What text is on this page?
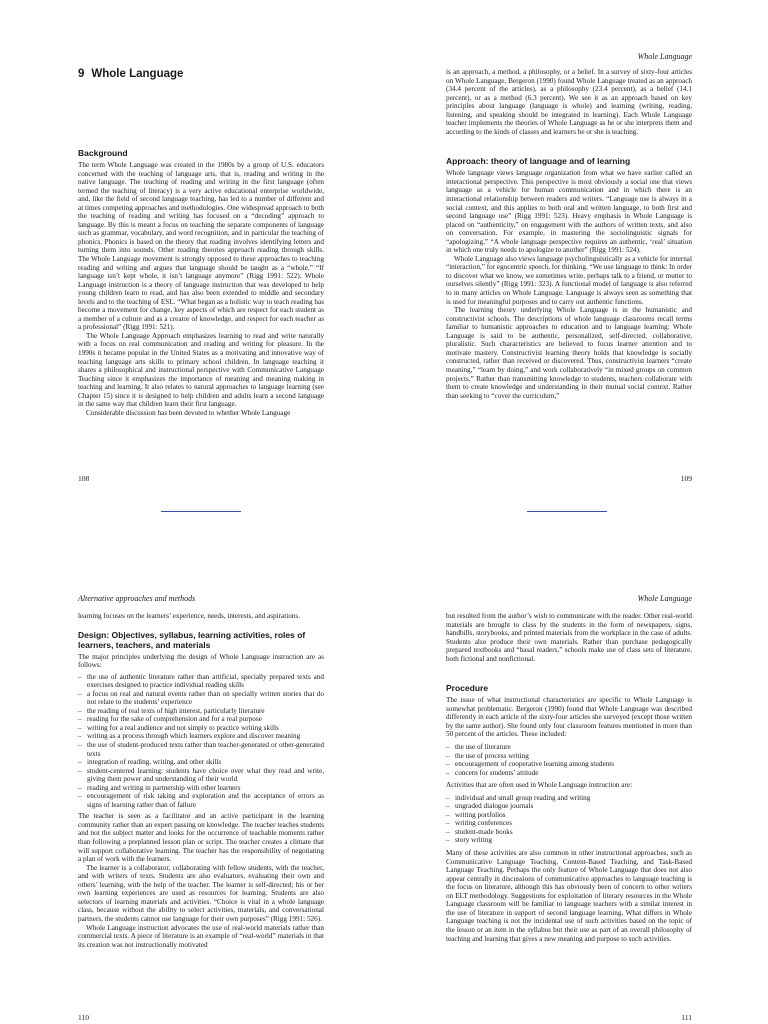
9 Whole Language
Background

The term Whole Language was created in the 1980s by a group of U.S. educators concerned with the teaching of language arts, that is, reading and writing in the native language. The teaching of reading and writing in the first language (often termed the teaching of literacy) is a very active educational enterprise worldwide, and, like the field of second language teaching, has led to a number of different and at times competing approaches and methodologies. One widespread approach to both the teaching of reading and writing has focused on a “decoding” approach to language. By this is meant a focus on teaching the separate components of language such as grammar, vocabulary, and word recognition, and in particular the teaching of phonics. Phonics is based on the theory that reading involves identifying letters and turning them into sounds. Other reading theories approach reading through skills. The Whole Language movement is strongly opposed to these approaches to teaching reading and writing and argues that language should be taught as a “whole.” “If language isn’t kept whole, it isn’t language anymore” (Rigg 1991: 522). Whole Language instruction is a theory of language instruction that was developed to help young children learn to read, and has also been extended to middle and secondary levels and to the teaching of ESL. “What began as a holistic way to teach reading has become a movement for change, key aspects of which are respect for each student as a member of a culture and as a creator of knowledge, and respect for each teacher as a professional” (Rigg 1991: 521).

The Whole Language Approach emphasizes learning to read and write naturally with a focus on real communication and reading and writing for pleasure. In the 1990s it became popular in the United States as a motivating and innovative way of teaching language arts skills to primary school children. In language teaching it shares a philosophical and instructional perspective with Communicative Language Teaching since it emphasizes the importance of meaning and meaning making in teaching and learning. It also relates to natural approaches to language learning (see Chapter 15) since it is designed to help children and adults learn a second language in the same way that children learn their first language.

Considerable discussion has been devoted to whether Whole Language

108
Whole Language

is an approach, a method, a philosophy, or a belief. In a survey of sixty-four articles on Whole Language, Bergeron (1990) found Whole Language treated as an approach (34.4 percent of the articles), as a philosophy (23.4 percent), as a belief (14.1 percent), or as a method (6.3 percent). We see it as an approach based on key principles about language (language is whole) and learning (writing, reading, listening, and speaking should be integrated in learning). Each Whole Language teacher implements the theories of Whole Language as he or she interprets them and according to the kinds of classes and learners he or she is teaching.

Approach: theory of language and of learning

Whole language views language organization from what we have earlier called an interactional perspective. This perspective is most obviously a social one that views language as a vehicle for human communication and in which there is an interactional relationship between readers and writers. “Language use is always in a social context, and this applies to both oral and written language, to both first and second language use” (Rigg 1991: 523). Heavy emphasis in Whole Language is placed on “authenticity,” on engagement with the authors of written texts, and also on conversation. For example, in mastering the sociolinguistic signals for “apologizing,” “A whole language perspective requires an authentic, ‘real’ situation in which one truly needs to apologize to another” (Rigg 1991: 524).

Whole Language also views language psycholinguistically as a vehicle for internal “interaction,” for egocentric speech, for thinking. “We use language to think: In order to discover what we know, we sometimes write, perhaps talk to a friend, or mutter to ourselves silently” (Rigg 1991: 323). A functional model of language is also referred to in many articles on Whole Language. Language is always seen as something that is used for meaningful purposes and to carry out authentic functions.

The learning theory underlying Whole Language is in the humanistic and constructivist schools. The descriptions of whole language classrooms recall terms familiar to humanistic approaches to education and to language learning: Whole Language is said to be authentic, personalized, self-directed, collaborative, pluralistic. Such characteristics are believed to focus learner attention and to motivate mastery. Constructivist learning theory holds that knowledge is socially constructed, rather than received or discovered. Thus, constructivist learners “create meaning,” “learn by doing,” and work collaboratively “in mixed groups on common projects.” Rather than transmitting knowledge to students, teachers collaborate with them to create knowledge and understanding in their mutual social context. Rather than seeking to “cover the curriculum,”

109
Alternative approaches and methods

learning focuses on the learners’ experience, needs, interests, and aspirations.

Design: Objectives, syllabus, learning activities, roles of learners, teachers, and materials

The major principles underlying the design of Whole Language instruction are as follows:

– the use of authentic literature rather than artificial, specially prepared texts and exercises designed to practice individual reading skills
– a focus on real and natural events rather than on specially written stories that do not relate to the students’ experience
– the reading of real texts of high interest, particularly literature
– reading for the sake of comprehension and for a real purpose
– writing for a real audience and not simply to practice writing skills
– writing as a process through which learners explore and discover meaning
– the use of student-produced texts rather than teacher-generated or other-generated texts
– integration of reading, writing, and other skills
– student-centered learning: students have choice over what they read and write, giving them power and understanding of their world
– reading and writing in partnership with other learners
– encouragement of risk taking and exploration and the acceptance of errors as signs of learning rather than of failure

The teacher is seen as a facilitator and an active participant in the learning community rather than an expert passing on knowledge. The teacher teaches students and not the subject matter and looks for the occurrence of teachable moments rather than following a preplanned lesson plan or script. The teacher creates a climate that will support collaborative learning. The teacher has the responsibility of negotiating a plan of work with the learners.

The learner is a collaborator, collaborating with fellow students, with the teacher, and with writers of texts. Students are also evaluators, evaluating their own and others’ learning, with the help of the teacher. The learner is self-directed; his or her own learning experiences are used as resources for learning. Students are also selectors of learning materials and activities. “Choice is vital in a whole language class, because without the ability to select activities, materials, and conversational partners, the students cannot use language for their own purposes” (Rigg 1991: 526).

Whole Language instruction advocates the use of real-world materials rather than commercial texts. A piece of literature is an example of “real-world” materials in that its creation was not instructionally motivated

110
Whole Language

but resulted from the author’s wish to communicate with the reader. Other real-world materials are brought to class by the students in the form of newspapers, signs, handbills, storybooks, and printed materials from the workplace in the case of adults. Students also produce their own materials. Rather than purchase pedagogically prepared textbooks and “basal readers,” schools make use of class sets of literature, both fictional and nonfictional.

Procedure

The issue of what instructional characteristics are specific to Whole Language is somewhat problematic. Bergeron (1990) found that Whole Language was described differently in each article of the sixty-four articles she surveyed (except those written by the same author). She found only four classroom features mentioned in more than 50 percent of the articles. These included:

– the use of literature
– the use of process writing
– encouragement of cooperative learning among students
– concern for students’ attitude

Activities that are often used in Whole Language instruction are:

– individual and small group reading and writing
– ungraded dialogue journals
– writing portfolios
– writing conferences
– student-made books
– story writing

Many of these activities are also common in other instructional approaches, such as Communicative Language Teaching, Content-Based Teaching, and Task-Based Language Teaching. Perhaps the only feature of Whole Language that does not also appear centrally in discussions of communicative approaches to language teaching is the focus on literature, although this has obviously been of concern to other writers on ELT methodology. Suggestions for exploitation of literary resources in the Whole Language classroom will be familiar to language teachers with a similar interest in the use of literature in support of second language learning. What differs in Whole Language teaching is not the incidental use of such activities based on the topic of the lesson or an item in the syllabus but their use as part of an overall philosophy of teaching and learning that gives a new meaning and purpose to such activities.

111
